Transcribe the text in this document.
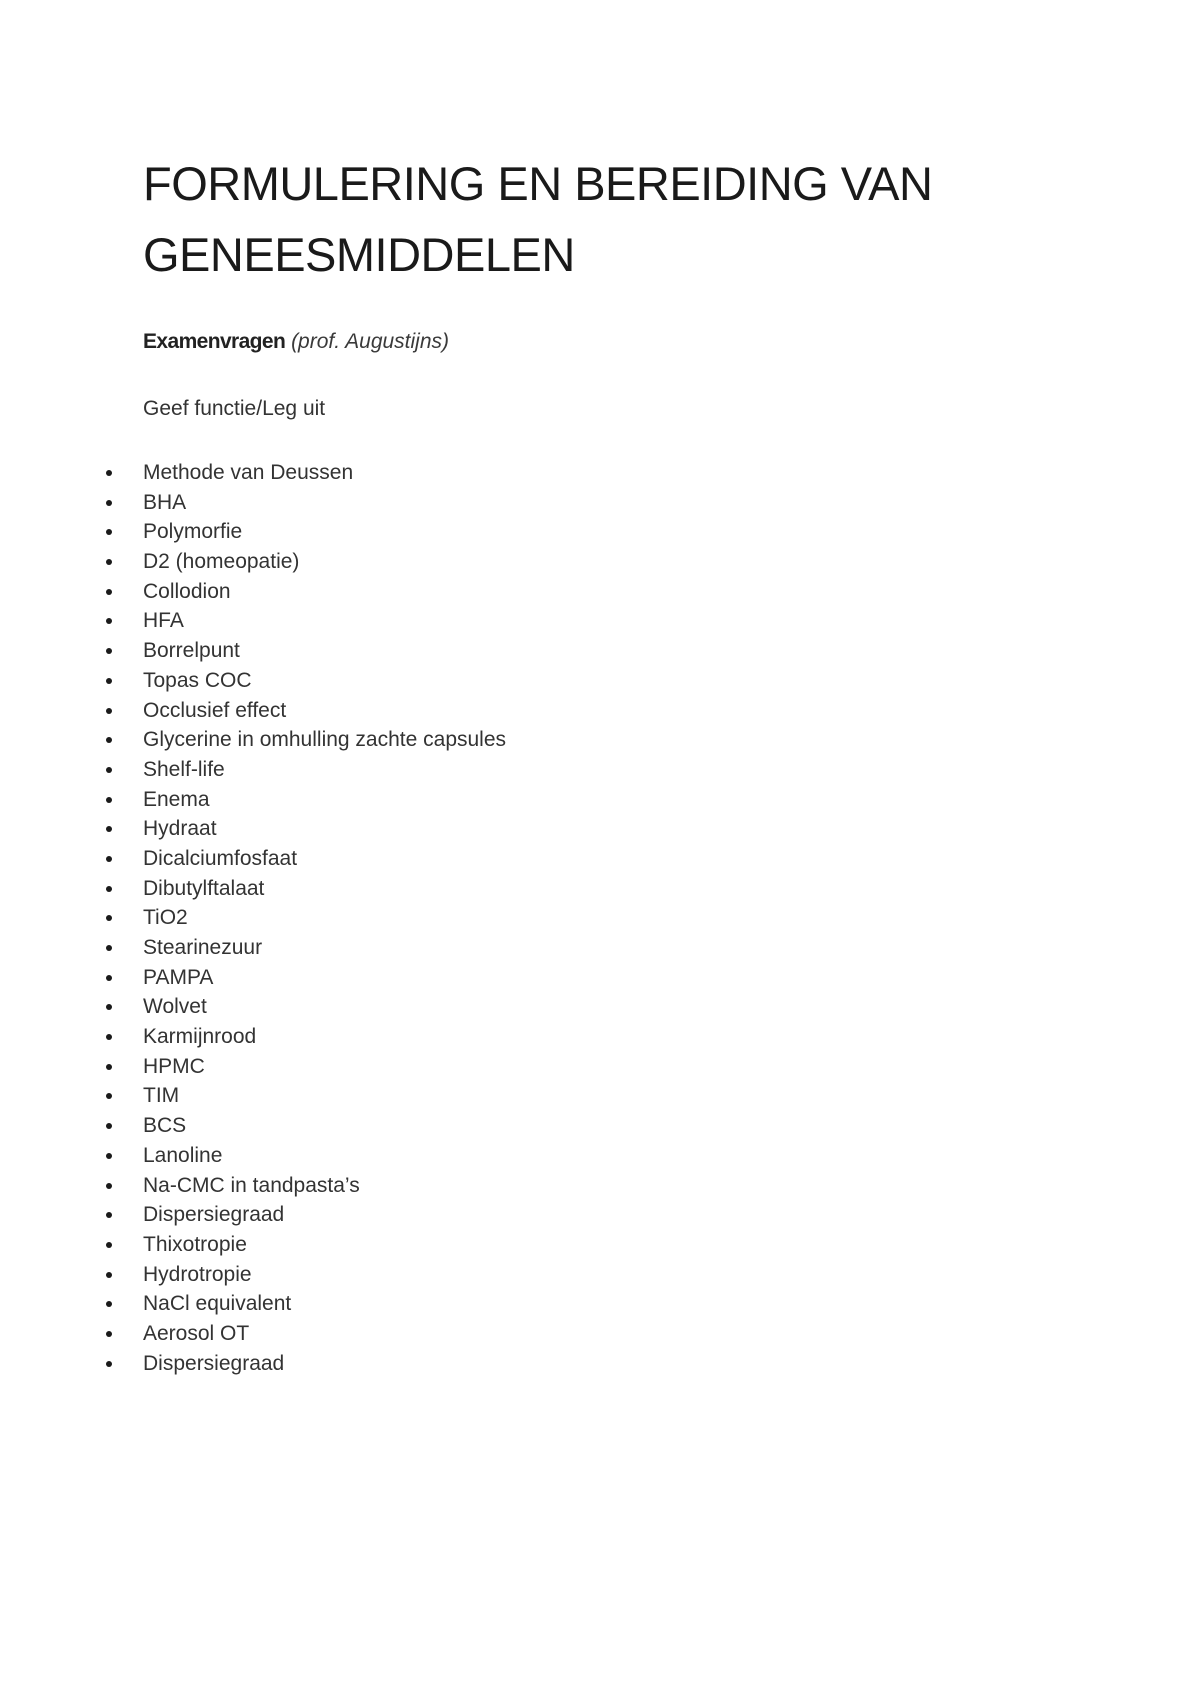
FORMULERING EN BEREIDING VAN
GENEESMIDDELEN

Examenvragen (prof. Augustijns)

Geef functie/Leg uit

Methode van Deussen
BHA
Polymorfie
D2 (homeopatie)
Collodion
HFA
Borrelpunt
Topas COC
Occlusief effect
Glycerine in omhulling zachte capsules
Shelf-life
Enema
Hydraat
Dicalciumfosfaat
Dibutylftalaat
TiO2
Stearinezuur
PAMPA
Wolvet
Karmijnrood
HPMC
TIM
BCS
Lanoline
Na-CMC in tandpasta’s
Dispersiegraad
Thixotropie
Hydrotropie
NaCl equivalent
Aerosol OT
Dispersiegraad
